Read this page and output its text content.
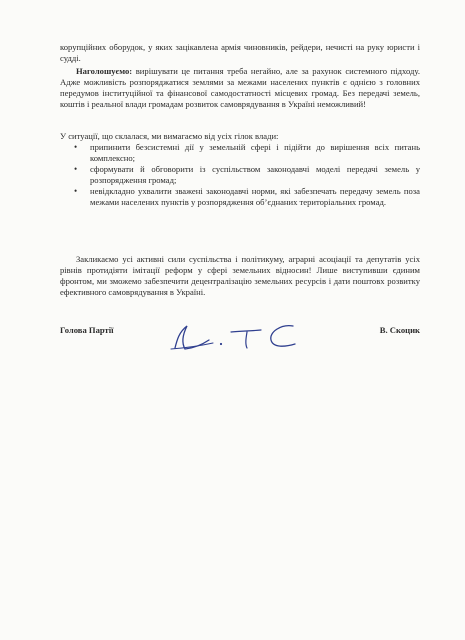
корупційних оборудок, у яких зацікавлена армія чиновників, рейдери, нечисті на руку юристи і судді.
Наголошуємо: вирішувати це питання треба негайно, але за рахунок системного підходу. Адже можливість розпоряджатися землями за межами населених пунктів є однією з головних передумов інституційної та фінансової самодостатності місцевих громад. Без передачі земель, коштів і реальної влади громадам розвиток самоврядування в Україні неможливий!
У ситуації, що склалася, ми вимагаємо від усіх гілок влади:
• припинити безсистемні дії у земельній сфері і підійти до вирішення всіх питань комплексно;
• сформувати й обговорити із суспільством законодавчі моделі передачі земель у розпорядження громад;
• невідкладно ухвалити зважені законодавчі норми, які забезпечать передачу земель поза межами населених пунктів у розпорядження об’єднаних територіальних громад.
Закликаємо усі активні сили суспільства і політикуму, аграрні асоціації та депутатів усіх рівнів протидіяти імітації реформ у сфері земельних відносин! Лише виступивши єдиним фронтом, ми зможемо забезпечити децентралізацію земельних ресурсів і дати поштовх розвитку ефективного самоврядування в Україні.
Голова Партії	В. Скоцик
